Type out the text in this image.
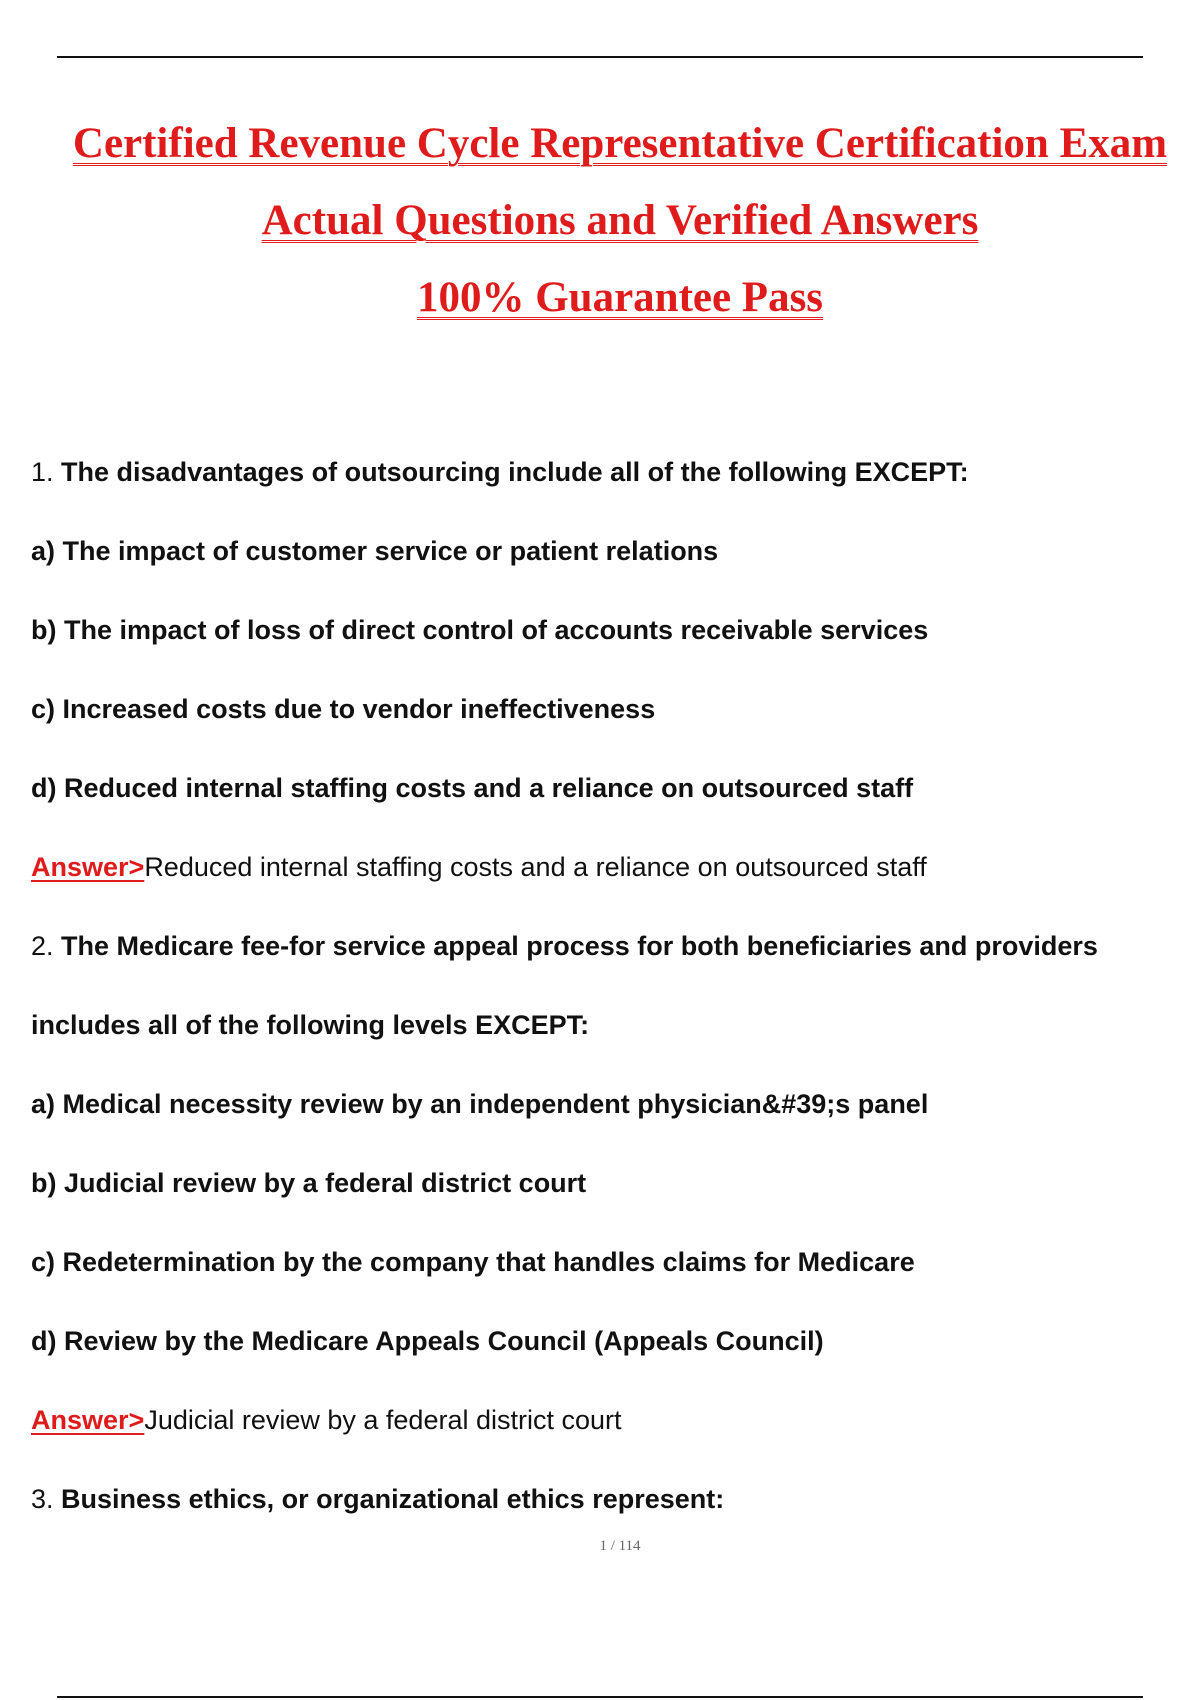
Certified Revenue Cycle Representative Certification Exam
Actual Questions and Verified Answers
100% Guarantee Pass
1. The disadvantages of outsourcing include all of the following EXCEPT:
a) The impact of customer service or patient relations
b) The impact of loss of direct control of accounts receivable services
c) Increased costs due to vendor ineffectiveness
d) Reduced internal staffing costs and a reliance on outsourced staff
Answer>Reduced internal staffing costs and a reliance on outsourced staff
2. The Medicare fee-for service appeal process for both beneficiaries and providers
includes all of the following levels EXCEPT:
a) Medical necessity review by an independent physician&#39;s panel
b) Judicial review by a federal district court
c) Redetermination by the company that handles claims for Medicare
d) Review by the Medicare Appeals Council (Appeals Council)
Answer>Judicial review by a federal district court
3. Business ethics, or organizational ethics represent:
1 / 114
